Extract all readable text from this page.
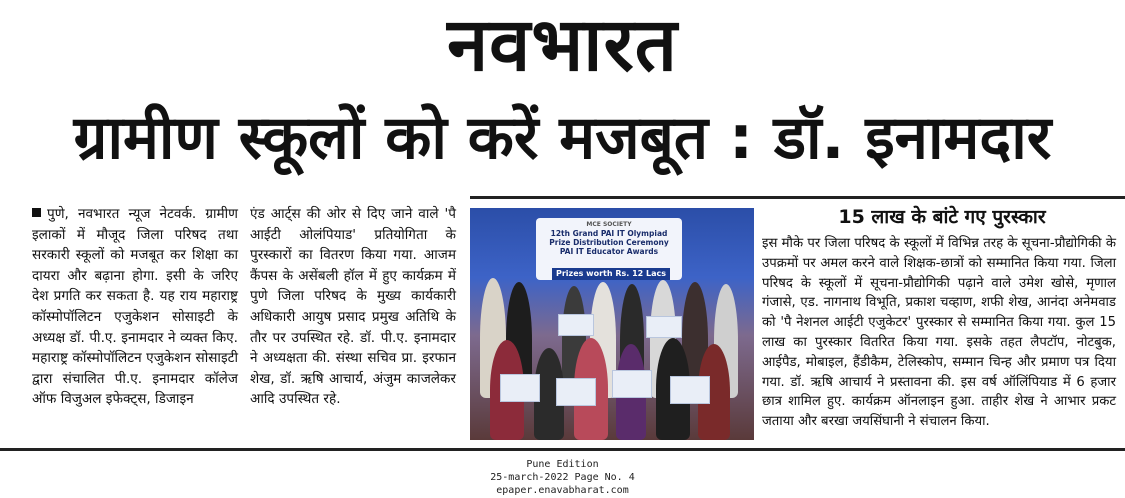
नवभारत
ग्रामीण स्कूलों को करें मजबूत : डॉ. इनामदार

पुणे, नवभारत न्यूज नेटवर्क. ग्रामीण इलाकों में मौजूद जिला परिषद तथा सरकारी स्कूलों को मजबूत कर शिक्षा का दायरा और बढ़ाना होगा. इसी के जरिए देश प्रगति कर सकता है. यह राय महाराष्ट्र कॉस्मोपॉलिटन एजुकेशन सोसाइटी के अध्यक्ष डॉ. पी.ए. इनामदार ने व्यक्त किए. महाराष्ट्र कॉस्मोपॉलिटन एजुकेशन सोसाइटी द्वारा संचालित पी.ए. इनामदार कॉलेज ऑफ विजुअल इफेक्ट्स, डिजाइन

एंड आर्ट्स की ओर से दिए जाने वाले 'पै आईटी ओलंपियाड' प्रतियोगिता के पुरस्कारों का वितरण किया गया. आजम कैंपस के असेंबली हॉल में हुए कार्यक्रम में पुणे जिला परिषद के मुख्य कार्यकारी अधिकारी आयुष प्रसाद प्रमुख अतिथि के तौर पर उपस्थित रहे. डॉ. पी.ए. इनामदार ने अध्यक्षता की. संस्था सचिव प्रा. इरफान शेख, डॉ. ऋषि आचार्य, अंजुम काजलेकर आदि उपस्थित रहे.

MCE SOCIETY
12th Grand PAI IT Olympiad
Prize Distribution Ceremony
PAI IT Educator Awards
Prizes worth Rs. 12 Lacs
15 लाख के बांटे गए पुरस्कार

इस मौके पर जिला परिषद के स्कूलों में विभिन्न तरह के सूचना-प्रौद्योगिकी के उपक्रमों पर अमल करने वाले शिक्षक-छात्रों को सम्मानित किया गया. जिला परिषद के स्कूलों में सूचना-प्रौद्योगिकी पढ़ाने वाले उमेश खोसे, मृणाल गंजासे, एड. नागनाथ विभूति, प्रकाश चव्हाण, शफी शेख, आनंदा अनेमवाड को 'पै नेशनल आईटी एजुकेटर' पुरस्कार से सम्मानित किया गया. कुल 15 लाख का पुरस्कार वितरित किया गया. इसके तहत लैपटॉप, नोटबुक, आईपैड, मोबाइल, हैंडीकैम, टेलिस्कोप, सम्मान चिन्ह और प्रमाण पत्र दिया गया. डॉ. ऋषि आचार्य ने प्रस्तावना की. इस वर्ष ऑलिंपियाड में 6 हजार छात्र शामिल हुए. कार्यक्रम ऑनलाइन हुआ. ताहीर शेख ने आभार प्रकट जताया और बरखा जयसिंघानी ने संचालन किया.

Pune Edition
25-march-2022 Page No. 4
epaper.enavabharat.com
